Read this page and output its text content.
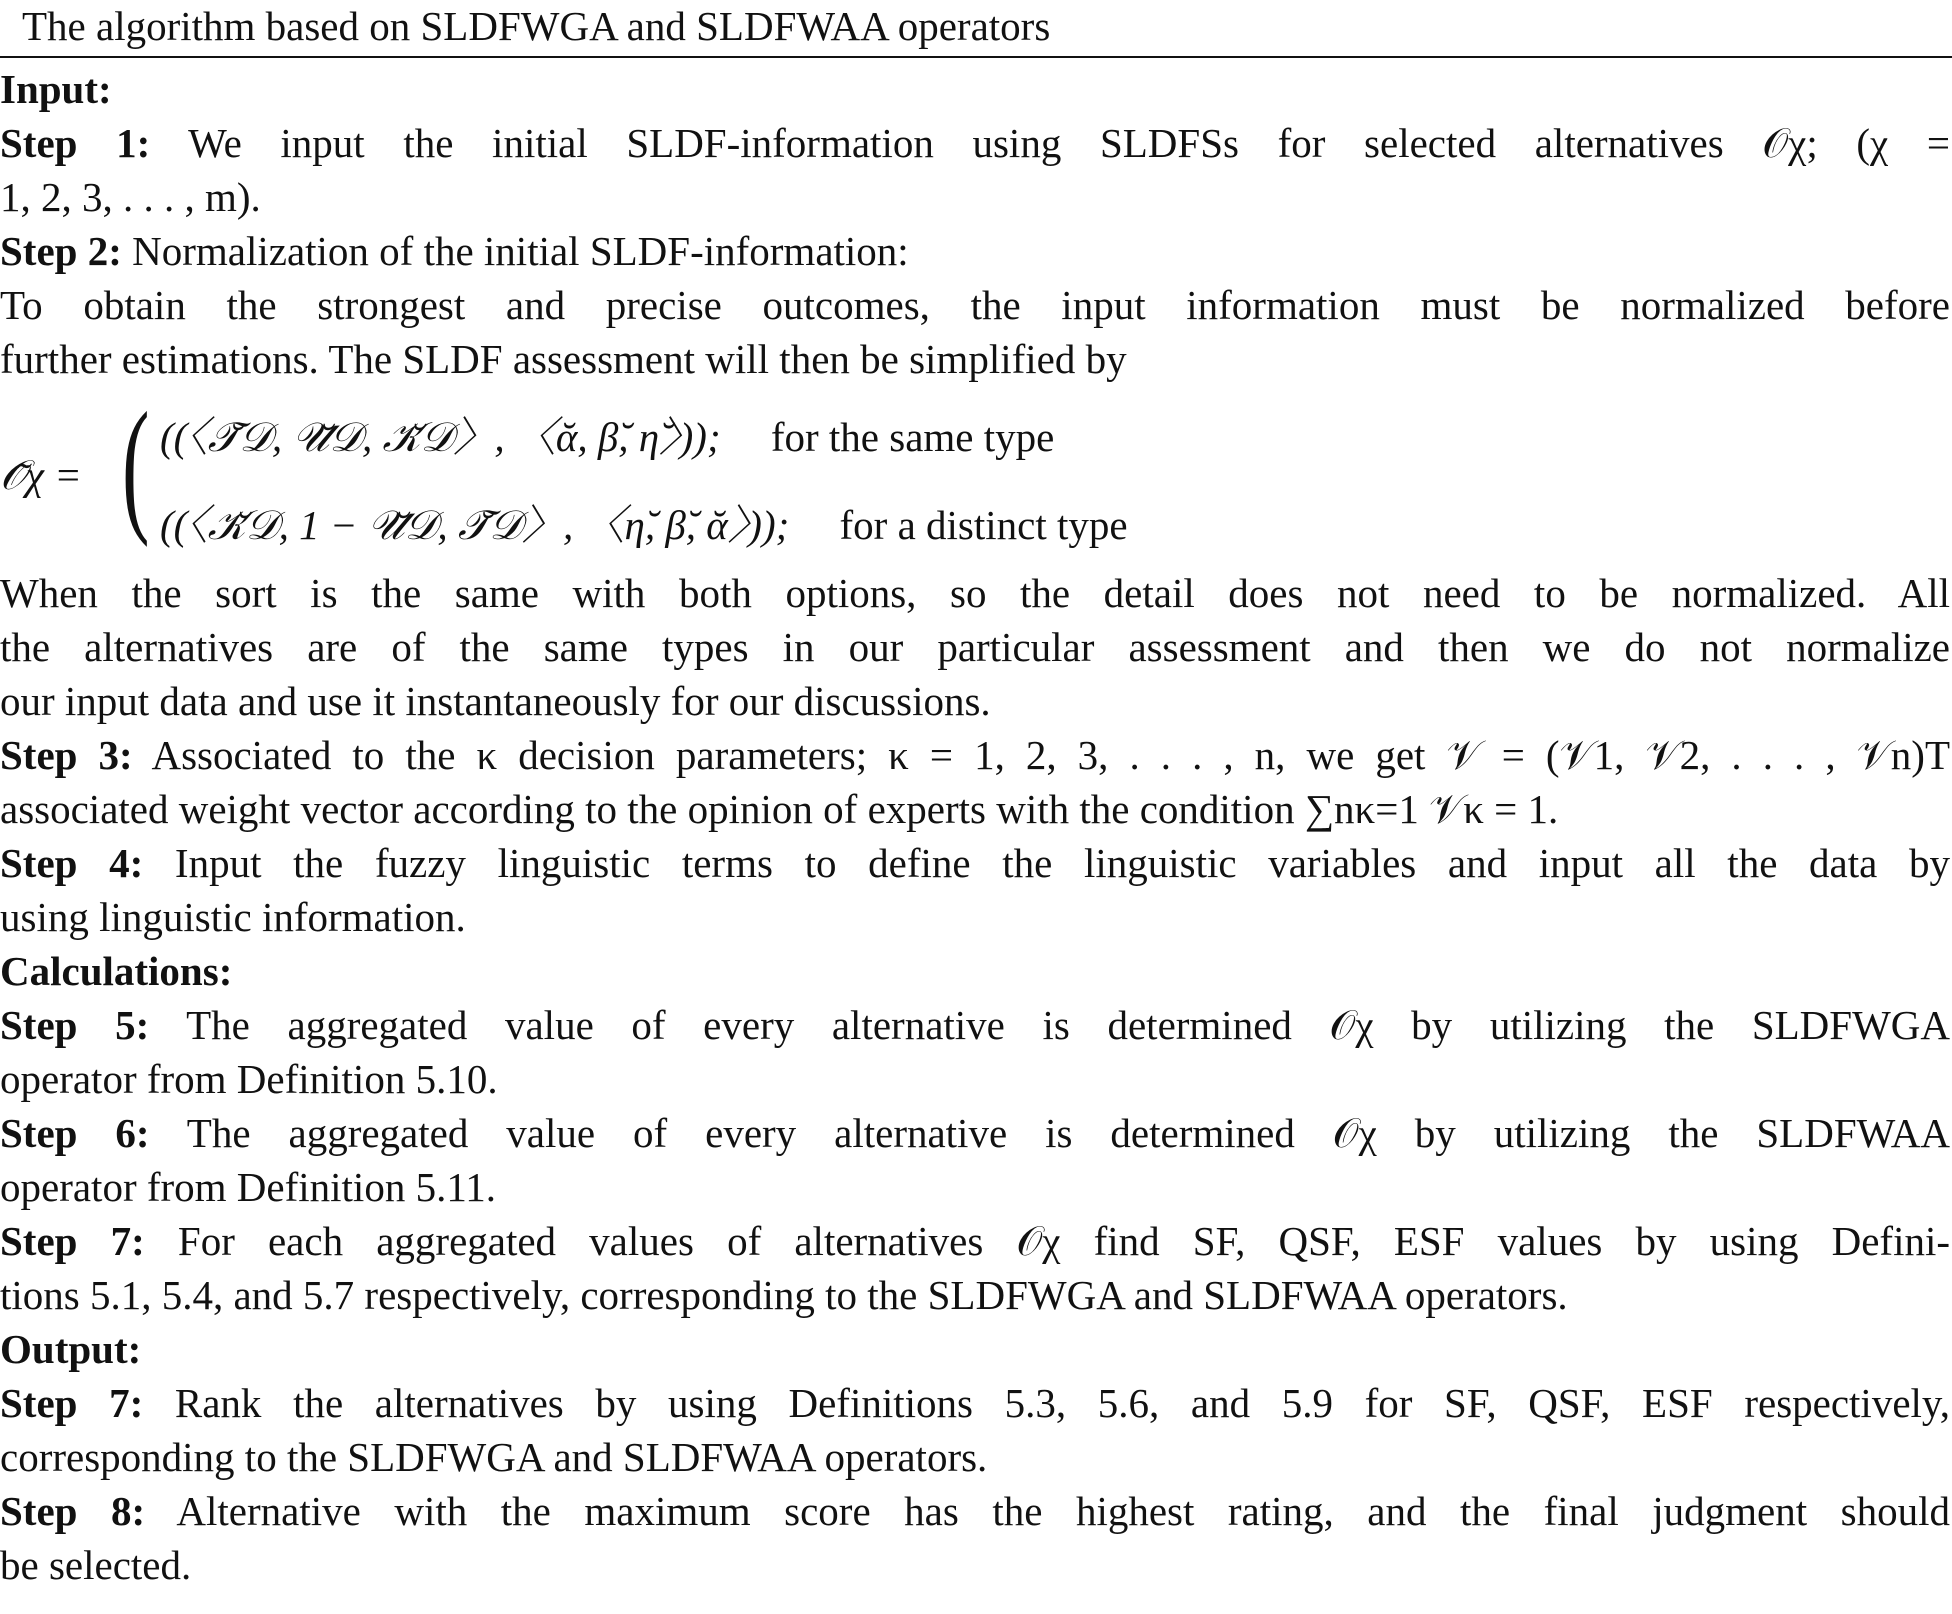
The algorithm based on SLDFWGA and SLDFWAA operators
Input:
Step 1: We input the initial SLDF-information using SLDFSs for selected alternatives 𝒪χ; (χ =
1, 2, 3, . . . , m).
Step 2: Normalization of the initial SLDF-information:
To obtain the strongest and precise outcomes, the input information must be normalized before
further estimations. The SLDF assessment will then be simplified by
𝒪̃χ = ( ((〈𝒯̆𝒟, 𝒰̆𝒟, 𝒦̆𝒟〉, 〈ᾰ, β̆, η̆〉)); for the same type
((〈𝒦̆𝒟, 1 − 𝒰̆𝒟, 𝒯̆𝒟〉, 〈η̆, β̆, ᾰ〉)); for a distinct type
When the sort is the same with both options, so the detail does not need to be normalized. All
the alternatives are of the same types in our particular assessment and then we do not normalize
our input data and use it instantaneously for our discussions.
Step 3: Associated to the κ decision parameters; κ = 1, 2, 3, . . . , n, we get 𝒱 = (𝒱1, 𝒱2, . . . , 𝒱n)T
associated weight vector according to the opinion of experts with the condition ∑nκ=1 𝒱κ = 1.
Step 4: Input the fuzzy linguistic terms to define the linguistic variables and input all the data by
using linguistic information.
Calculations:
Step 5: The aggregated value of every alternative is determined 𝒪χ by utilizing the SLDFWGA
operator from Definition 5.10.
Step 6: The aggregated value of every alternative is determined 𝒪χ by utilizing the SLDFWAA
operator from Definition 5.11.
Step 7: For each aggregated values of alternatives 𝒪χ find SF, QSF, ESF values by using Defini-
tions 5.1, 5.4, and 5.7 respectively, corresponding to the SLDFWGA and SLDFWAA operators.
Output:
Step 7: Rank the alternatives by using Definitions 5.3, 5.6, and 5.9 for SF, QSF, ESF respectively,
corresponding to the SLDFWGA and SLDFWAA operators.
Step 8: Alternative with the maximum score has the highest rating, and the final judgment should
be selected.
